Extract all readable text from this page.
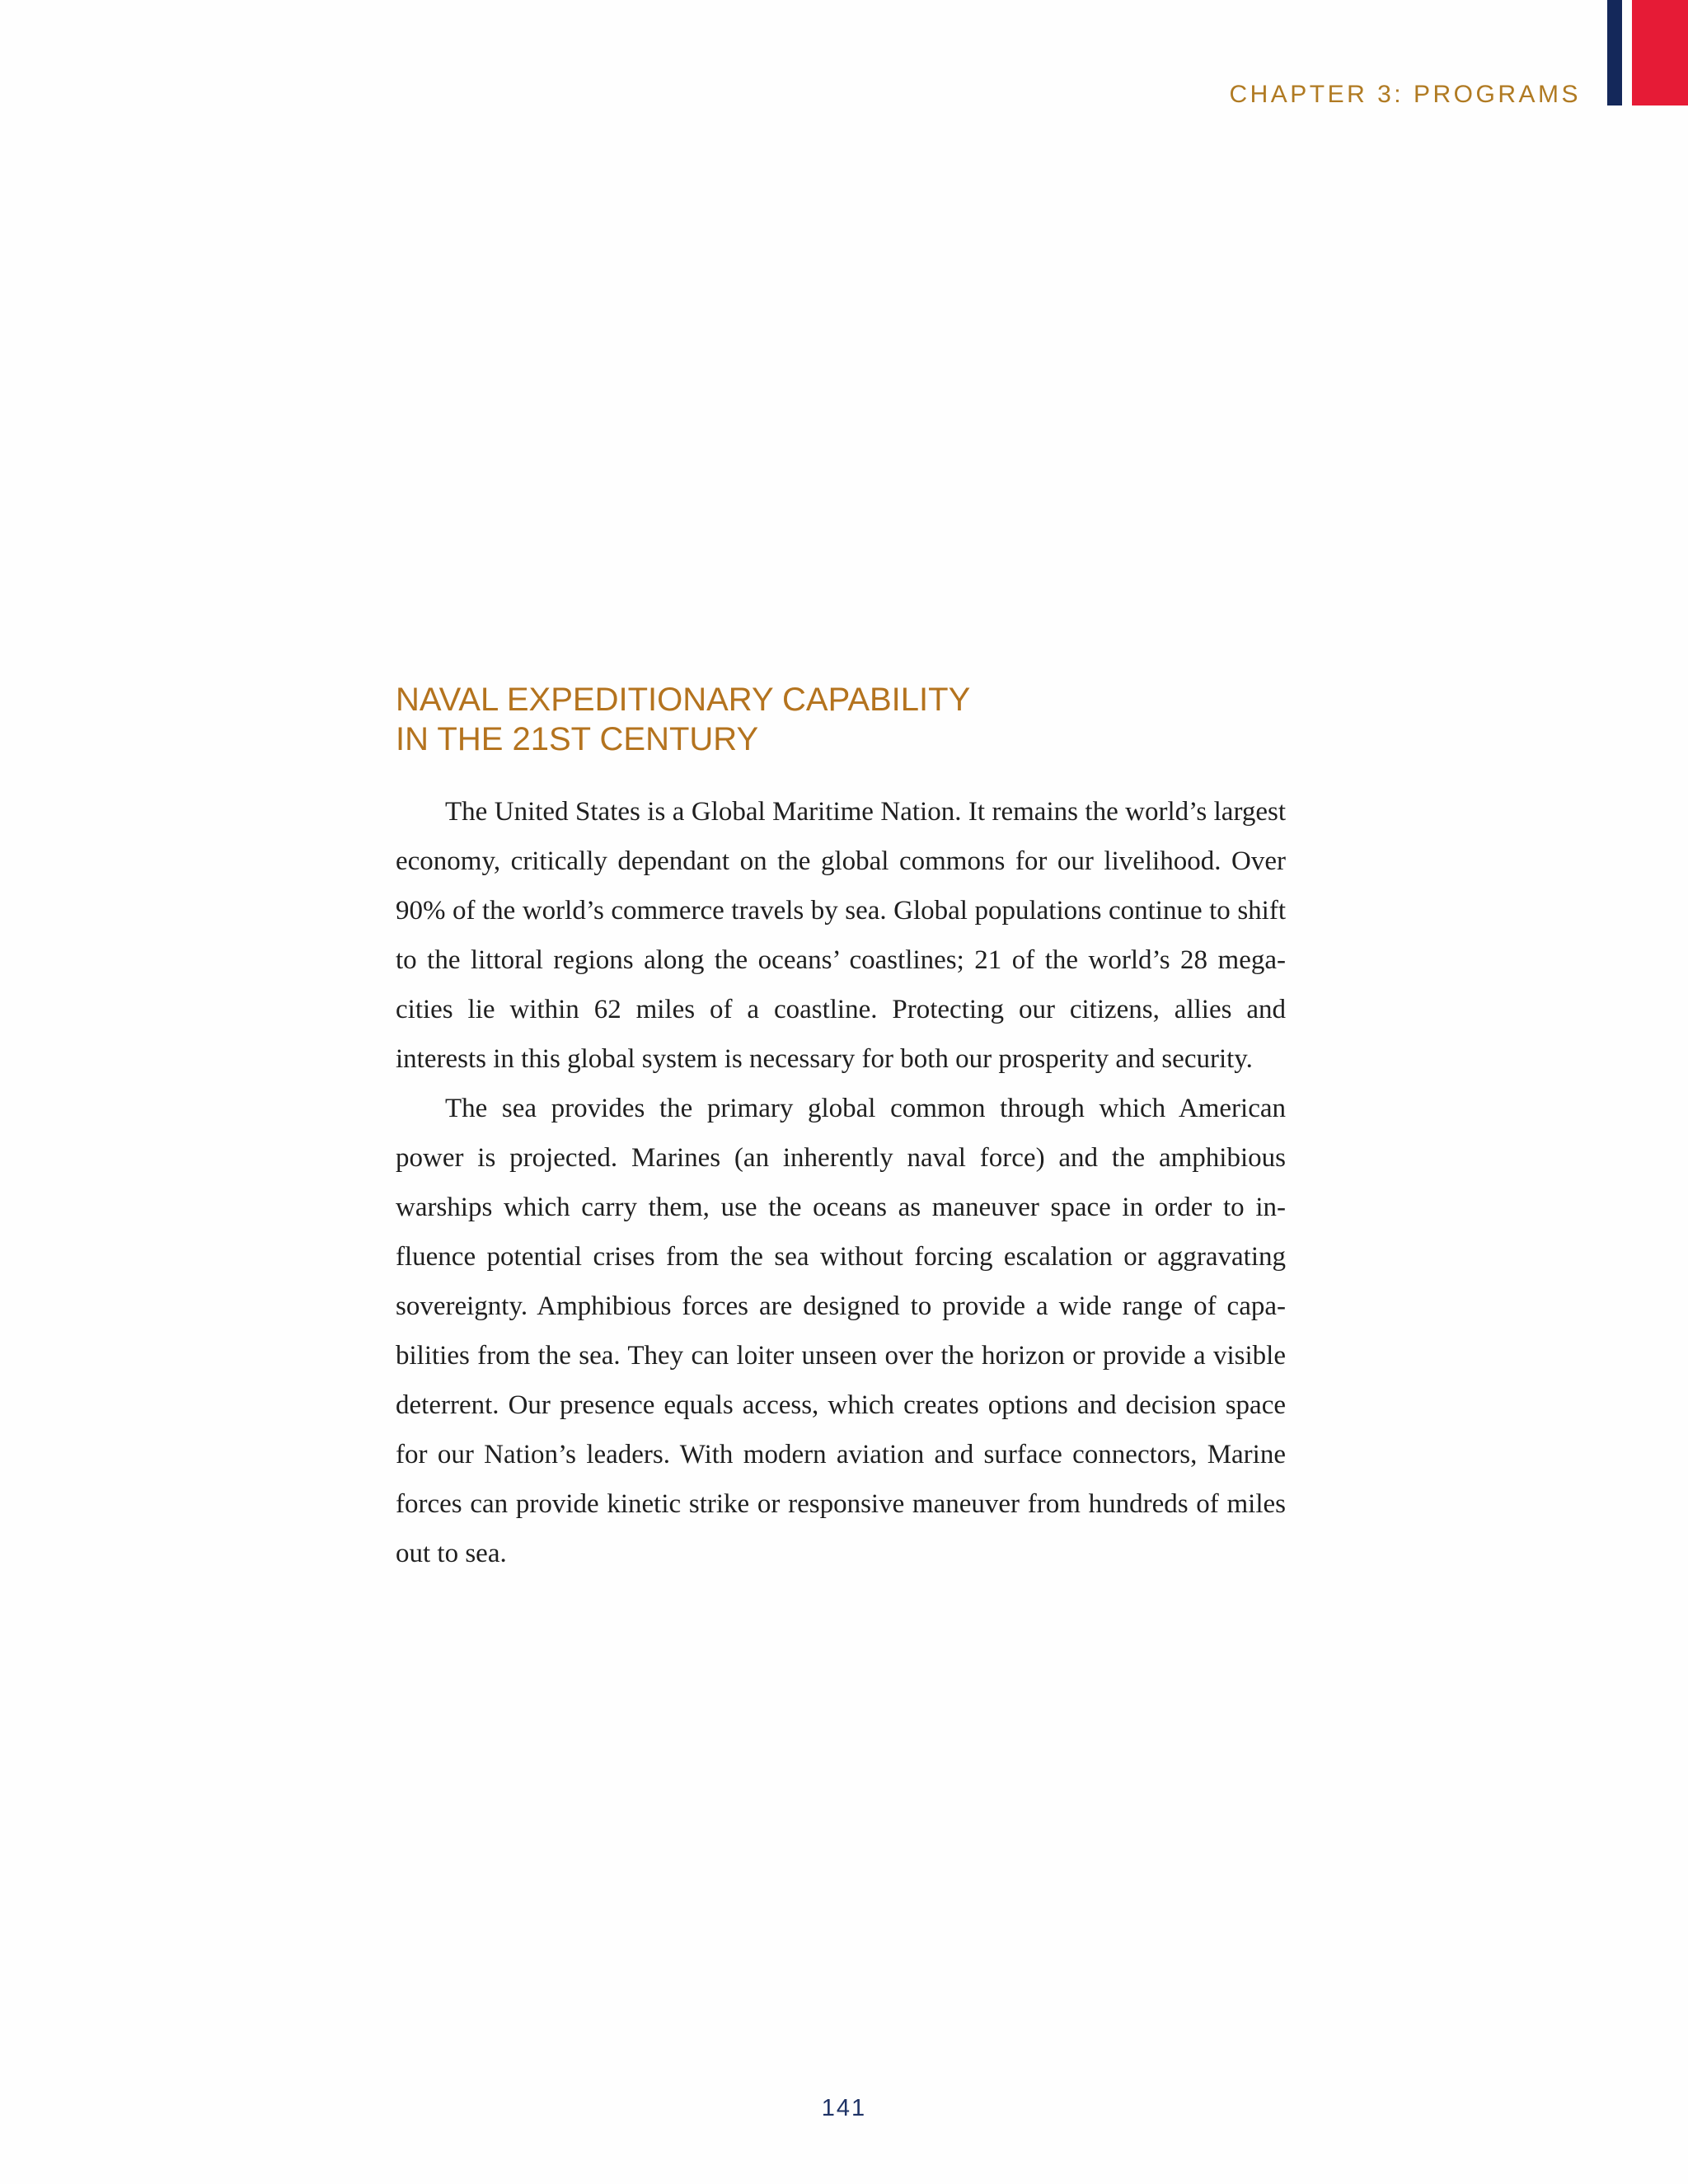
CHAPTER 3: PROGRAMS
NAVAL EXPEDITIONARY CAPABILITY
IN THE 21ST CENTURY

The United States is a Global Maritime Nation. It remains the world’s largest economy, critically dependant on the global commons for our livelihood. Over 90% of the world’s commerce travels by sea. Global populations continue to shift to the littoral regions along the oceans’ coastlines; 21 of the world’s 28 mega-cities lie within 62 miles of a coastline. Protecting our citizens, allies and interests in this global system is necessary for both our prosperity and security.

The sea provides the primary global common through which American power is projected. Marines (an inherently naval force) and the amphibious warships which carry them, use the oceans as maneuver space in order to influence potential crises from the sea without forcing escalation or aggravating sovereignty. Amphibious forces are designed to provide a wide range of capabilities from the sea. They can loiter unseen over the horizon or provide a visible deterrent. Our presence equals access, which creates options and decision space for our Nation’s leaders. With modern aviation and surface connectors, Marine forces can provide kinetic strike or responsive maneuver from hundreds of miles out to sea.

141
